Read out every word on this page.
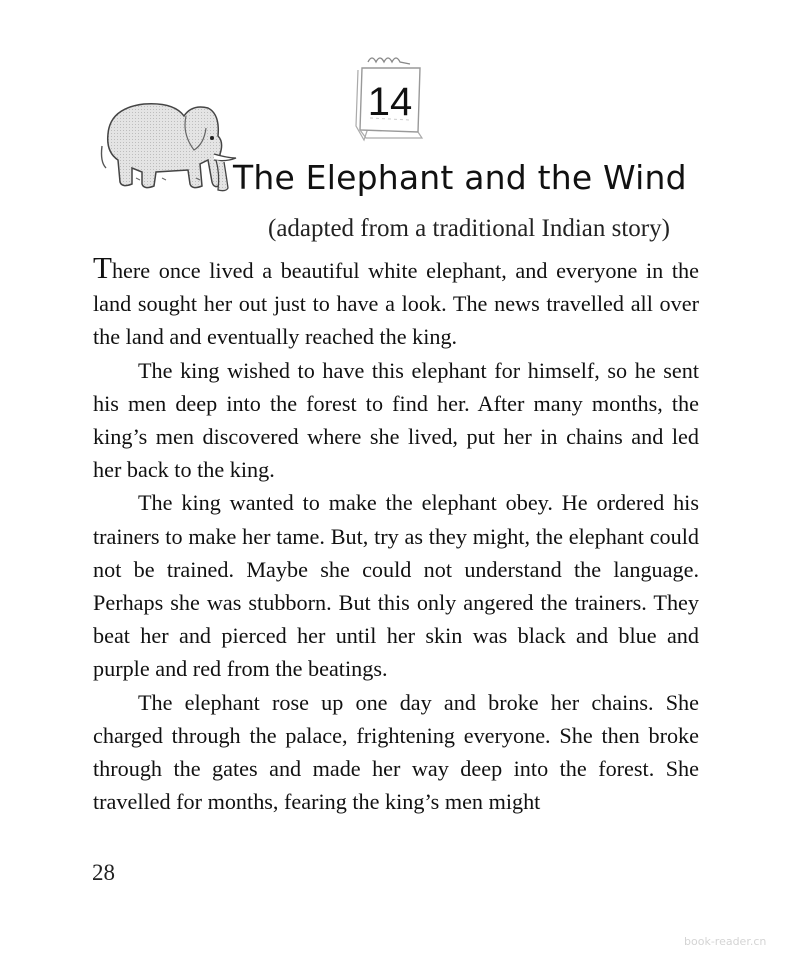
14
The Elephant and the Wind
(adapted from a traditional Indian story)

There once lived a beautiful white elephant, and everyone in the land sought her out just to have a look. The news travelled all over the land and eventually reached the king.

The king wished to have this elephant for himself, so he sent his men deep into the forest to find her. After many months, the king’s men discovered where she lived, put her in chains and led her back to the king.

The king wanted to make the elephant obey. He ordered his trainers to make her tame. But, try as they might, the elephant could not be trained. Maybe she could not understand the language. Perhaps she was stubborn. But this only angered the trainers. They beat her and pierced her until her skin was black and blue and purple and red from the beatings.

The elephant rose up one day and broke her chains. She charged through the palace, frightening everyone. She then broke through the gates and made her way deep into the forest. She travelled for months, fearing the king’s men might

28
book-reader.cn
